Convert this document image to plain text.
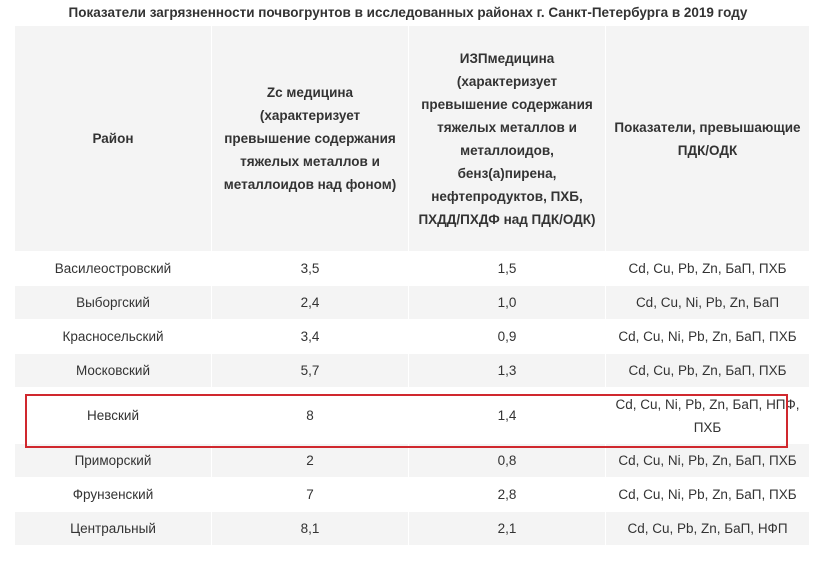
Показатели загрязненности почвогрунтов в исследованных районах г. Санкт-Петербурга в 2019 году
Район	Zc медицина (характеризует превышение содержания тяжелых металлов и металлоидов над фоном)	ИЗПмедицина (характеризует превышение содержания тяжелых металлов и металлоидов, бенз(а)пирена, нефтепродуктов, ПХБ, ПХДД/ПХДФ над ПДК/ОДК)	Показатели, превышающие ПДК/ОДК
Василеостровский	3,5	1,5	Cd, Cu, Pb, Zn, БаП, ПХБ
Выборгский	2,4	1,0	Cd, Cu, Ni, Pb, Zn, БаП
Красносельский	3,4	0,9	Cd, Cu, Ni, Pb, Zn, БаП, ПХБ
Московский	5,7	1,3	Cd, Cu, Pb, Zn, БаП, ПХБ
Невский	8	1,4	Cd, Cu, Ni, Pb, Zn, БаП, НПФ, ПХБ
Приморский	2	0,8	Cd, Cu, Ni, Pb, Zn, БаП, ПХБ
Фрунзенский	7	2,8	Cd, Cu, Ni, Pb, Zn, БаП, ПХБ
Центральный	8,1	2,1	Cd, Cu, Pb, Zn, БаП, НФП
